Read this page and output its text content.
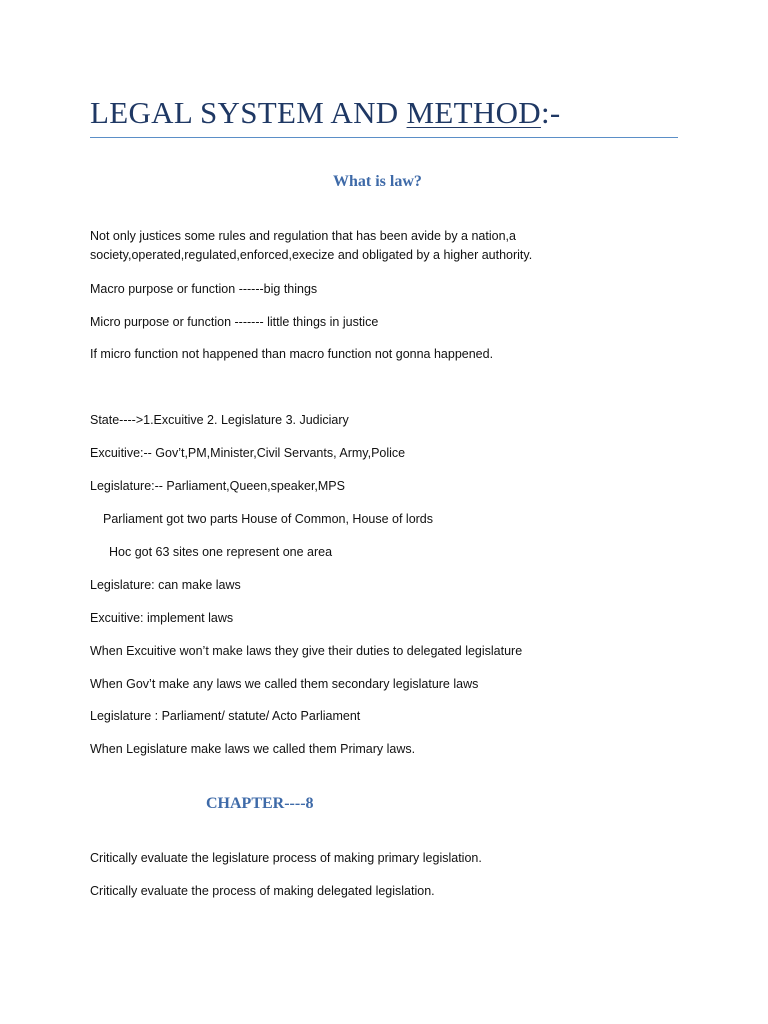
LEGAL SYSTEM AND METHOD:-
What is law?
Not only justices some rules and regulation that has been avide by a nation,a
society,operated,regulated,enforced,execize and obligated by a higher authority.
Macro purpose or function ------big things
Micro purpose or function ------- little things in justice
If micro function not happened than macro function not gonna happened.
State---->1.Excuitive 2. Legislature 3. Judiciary
Excuitive:-- Gov’t,PM,Minister,Civil Servants, Army,Police
Legislature:-- Parliament,Queen,speaker,MPS
Parliament got two parts House of Common, House of lords
Hoc got 63 sites one represent one area
Legislature: can make laws
Excuitive: implement laws
When Excuitive won’t make laws they give their duties to delegated legislature
When Gov’t make any laws we called them secondary legislature laws
Legislature : Parliament/ statute/ Acto Parliament
When Legislature make laws we called them Primary laws.
CHAPTER----8
Critically evaluate the legislature process of making primary legislation.
Critically evaluate the process of making delegated legislation.
